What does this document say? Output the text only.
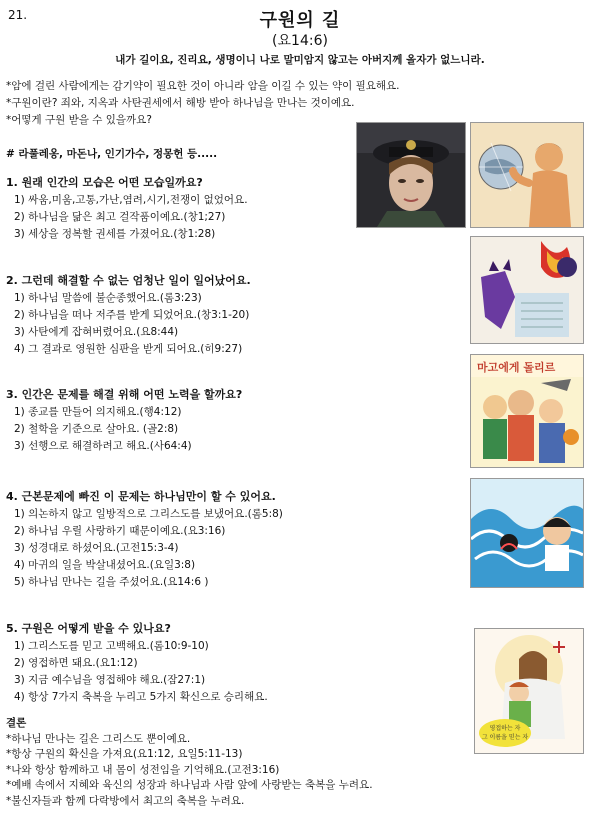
21.	구원의 길
(요14:6)
내가 길이요, 진리요, 생명이니 나로 말미암지 않고는 아버지께 올자가 없느니라.
*암에 걸린 사람에게는 감기약이 필요한 것이 아니라 암을 이길 수 있는 약이 필요해요.
*구원이란? 죄와, 지옥과 사탄권세에서 해방 받아 하나님을 만나는 것이예요.
*어떻게 구원 받을 수 있을까요?
# 라풀레옹, 마돈나, 인기가수, 정몽헌 등.....
1. 원래 인간의 모습은 어떤 모습일까요?
1) 싸움,미움,고통,가난,염려,시기,전쟁이 없었어요.
2) 하나님을 닮은 최고 걸작품이예요.(창1;27)
3) 세상을 정복할 권세를 가졌어요.(창1:28)
2. 그런데 해결할 수 없는 엄청난 일이 일어났어요.
1) 하나님 말씀에 불순종했어요.(롬3:23)
2) 하나님을 떠나 저주를 받게 되었어요.(창3:1-20)
3) 사탄에게 잡혀버렸어요.(요8:44)
4) 그 결과로 영원한 심판을 받게 되어요.(히9:27)
3. 인간은 문제를 해결 위해 어떤 노력을 할까요?
1) 종교를 만들어 의지해요.(행4:12)
2) 철학을 기준으로 살아요. (골2:8)
3) 선행으로 해결하려고 해요.(사64:4)
4. 근본문제에 빠진 이 문제는 하나님만이 할 수 있어요.
1) 의논하지 않고 일방적으로 그리스도를 보냈어요.(롬5:8)
2) 하나님 우릴 사랑하기 때문이예요.(요3:16)
3) 성경대로 하셨어요.(고전15:3-4)
4) 마귀의 일을 박살내셨어요.(요일3:8)
5) 하나님 만나는 길을 주셨어요.(요14:6 )
5. 구원은 어떻게 받을 수 있나요?
1) 그리스도를 믿고 고백해요.(롬10:9-10)
2) 영접하면 돼요.(요1:12)
3) 지금 예수님을 영접해야 해요.(잠27:1)
4) 항상 7가지 축복을 누리고 5가지 확신으로 승리해요.
결론
*하나님 만나는 길은 그리스도 뿐이예요.
*항상 구원의 확신을 가져요(요1:12, 요일5:11-13)
*나와 항상 함께하고 내 몸이 성전임을 기억해요.(고전3:16)
*예배 속에서 지혜와 육신의 성장과 하나님과 사람 앞에 사랑받는 축복을 누려요.
*불신자들과 함께 다락방에서 최고의 축복을 누려요.
마고에게 돌리르
영접하는 자
그 이름을 믿는 자
